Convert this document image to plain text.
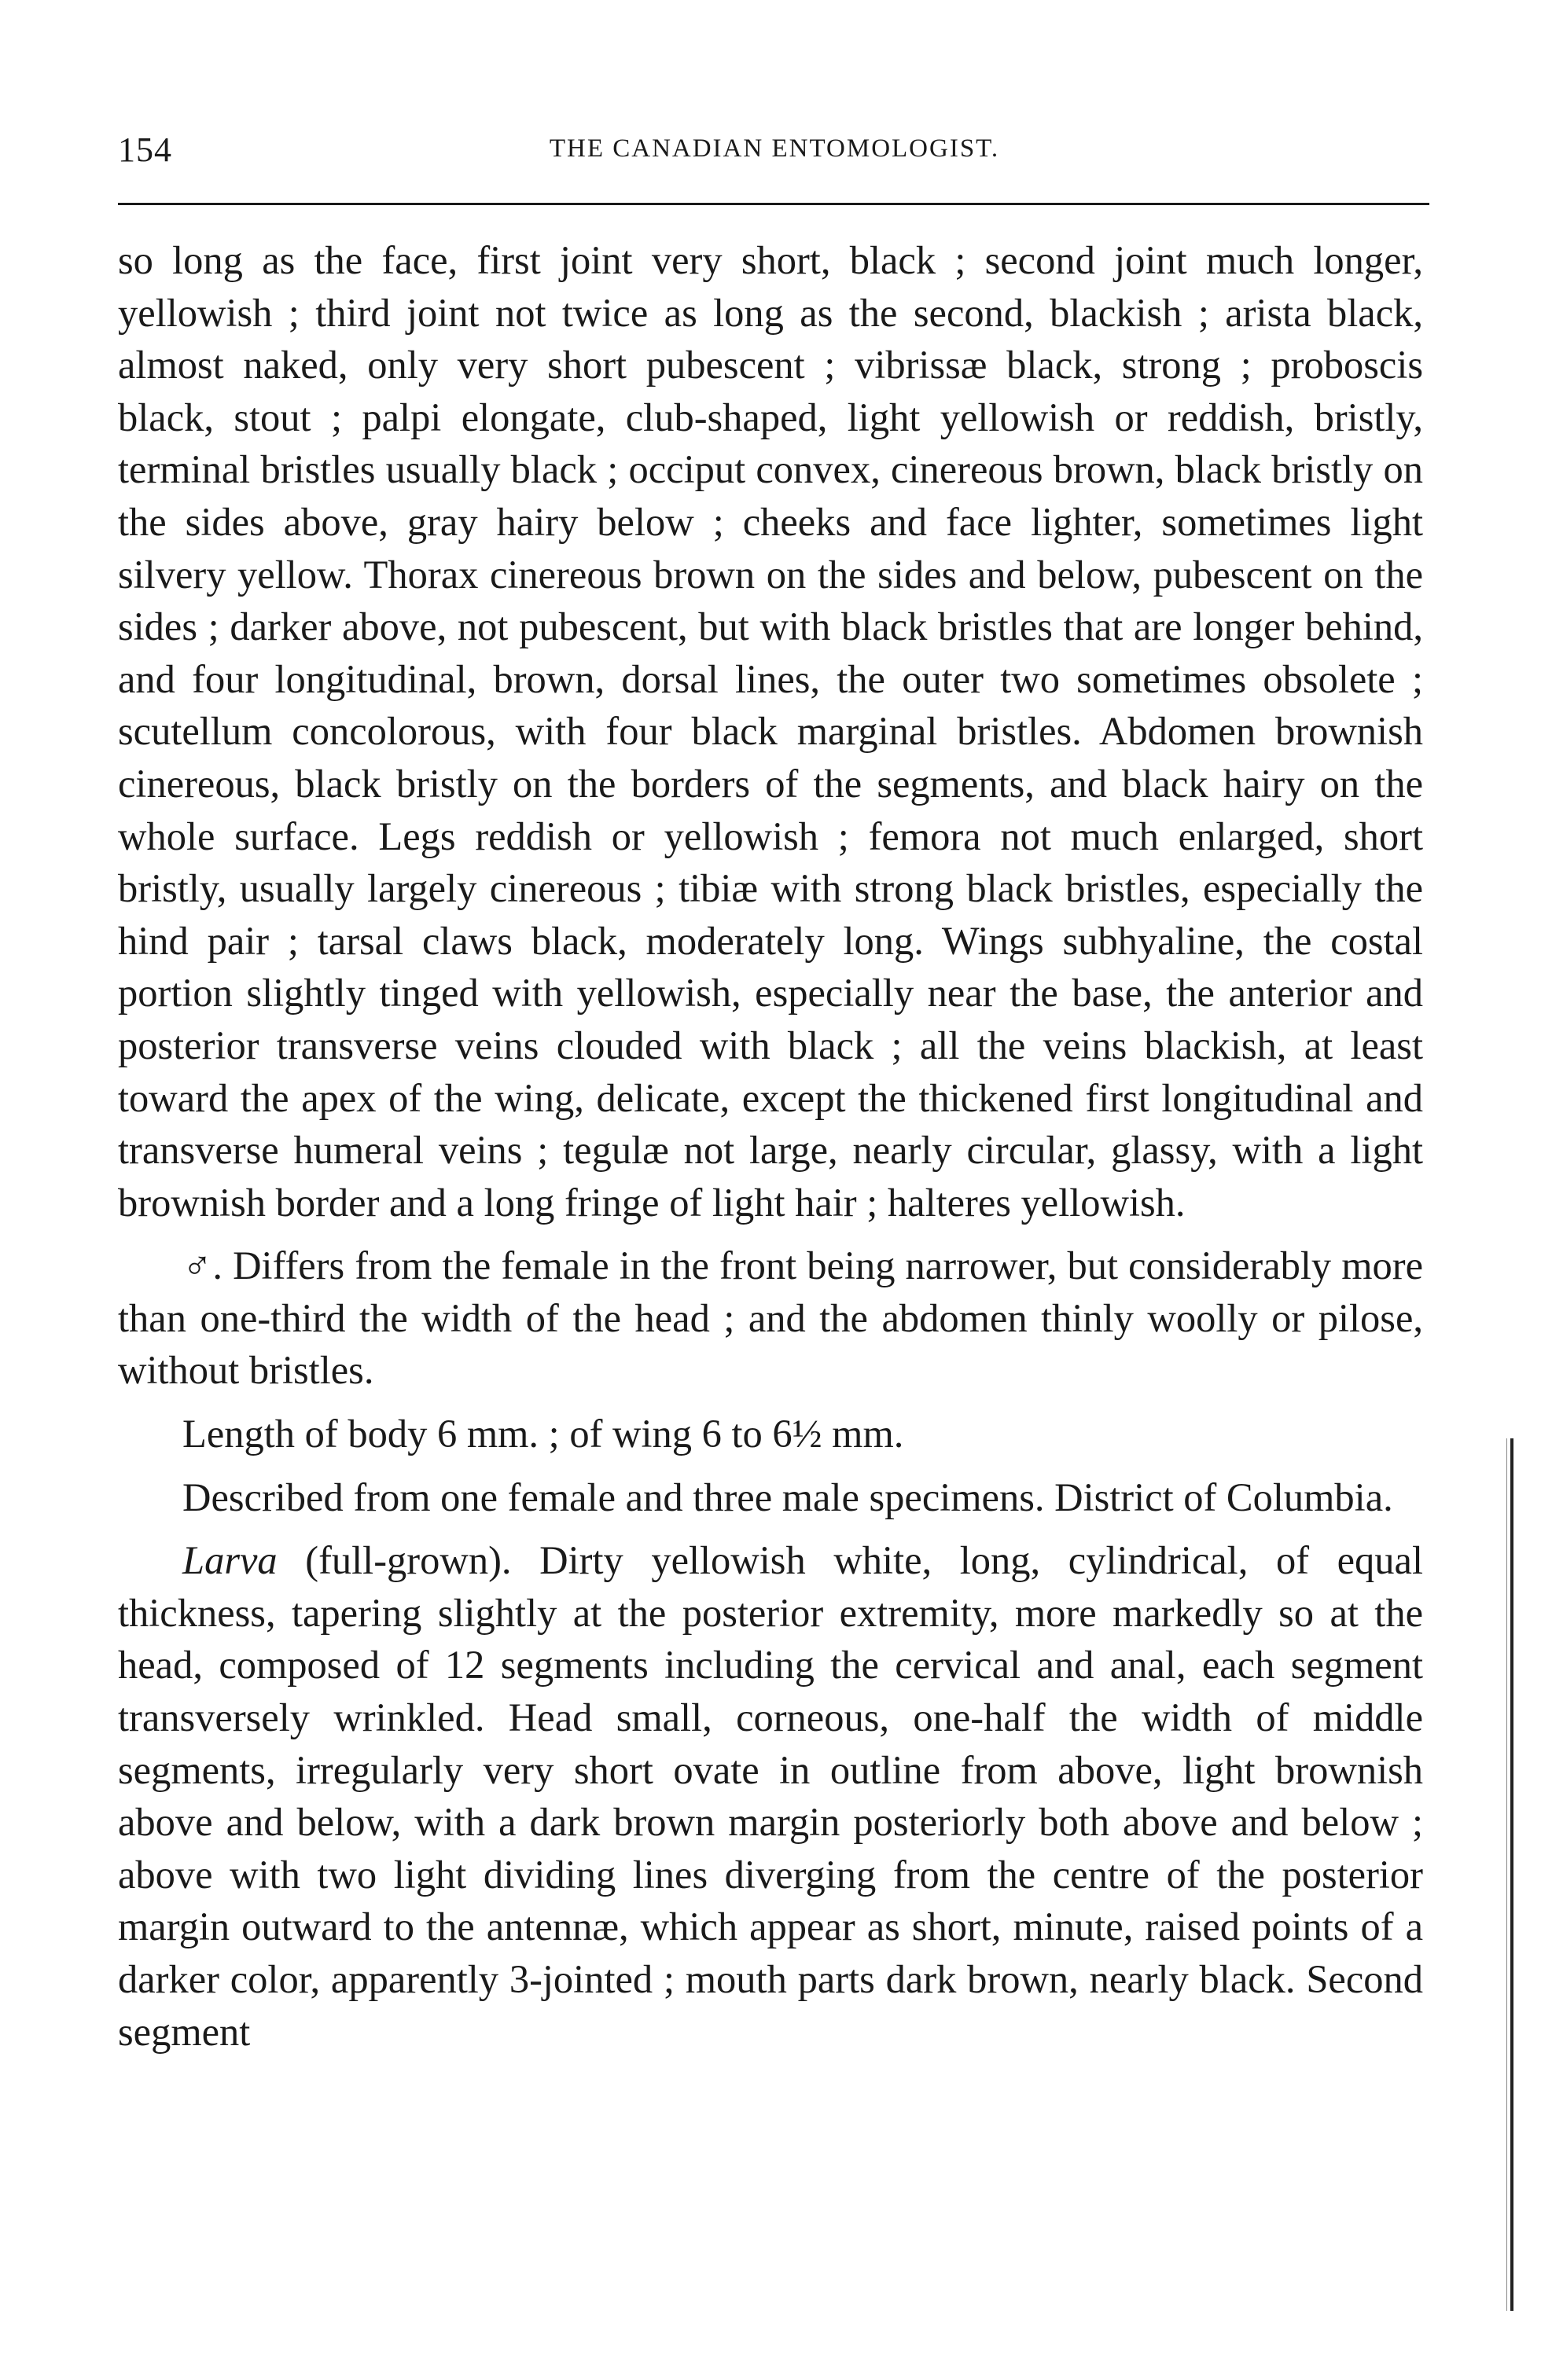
154	THE CANADIAN ENTOMOLOGIST.

so long as the face, first joint very short, black ; second joint much longer, yellowish ; third joint not twice as long as the second, blackish ; arista black, almost naked, only very short pubescent ; vibrissæ black, strong ; proboscis black, stout ; palpi elongate, club-shaped, light yellowish or reddish, bristly, terminal bristles usually black ; occiput convex, cinereous brown, black bristly on the sides above, gray hairy below ; cheeks and face lighter, sometimes light silvery yellow. Thorax cinereous brown on the sides and below, pubescent on the sides ; darker above, not pubescent, but with black bristles that are longer behind, and four longitudinal, brown, dorsal lines, the outer two sometimes obsolete ; scutellum concolorous, with four black marginal bristles. Abdomen brownish cinereous, black bristly on the borders of the segments, and black hairy on the whole surface. Legs reddish or yellowish ; femora not much enlarged, short bristly, usually largely cinereous ; tibiæ with strong black bristles, especially the hind pair ; tarsal claws black, moderately long. Wings subhyaline, the costal portion slightly tinged with yellowish, especially near the base, the anterior and posterior transverse veins clouded with black ; all the veins blackish, at least toward the apex of the wing, delicate, except the thickened first longitudinal and transverse humeral veins ; tegulæ not large, nearly circular, glassy, with a light brownish border and a long fringe of light hair ; halteres yellowish.

♂. Differs from the female in the front being narrower, but considerably more than one-third the width of the head ; and the abdomen thinly woolly or pilose, without bristles.

Length of body 6 mm. ; of wing 6 to 6½ mm.

Described from one female and three male specimens. District of Columbia.

Larva (full-grown). Dirty yellowish white, long, cylindrical, of equal thickness, tapering slightly at the posterior extremity, more markedly so at the head, composed of 12 segments including the cervical and anal, each segment transversely wrinkled. Head small, corneous, one-half the width of middle segments, irregularly very short ovate in outline from above, light brownish above and below, with a dark brown margin posteriorly both above and below ; above with two light dividing lines diverging from the centre of the posterior margin outward to the antennæ, which appear as short, minute, raised points of a darker color, apparently 3-jointed ; mouth parts dark brown, nearly black. Second segment
